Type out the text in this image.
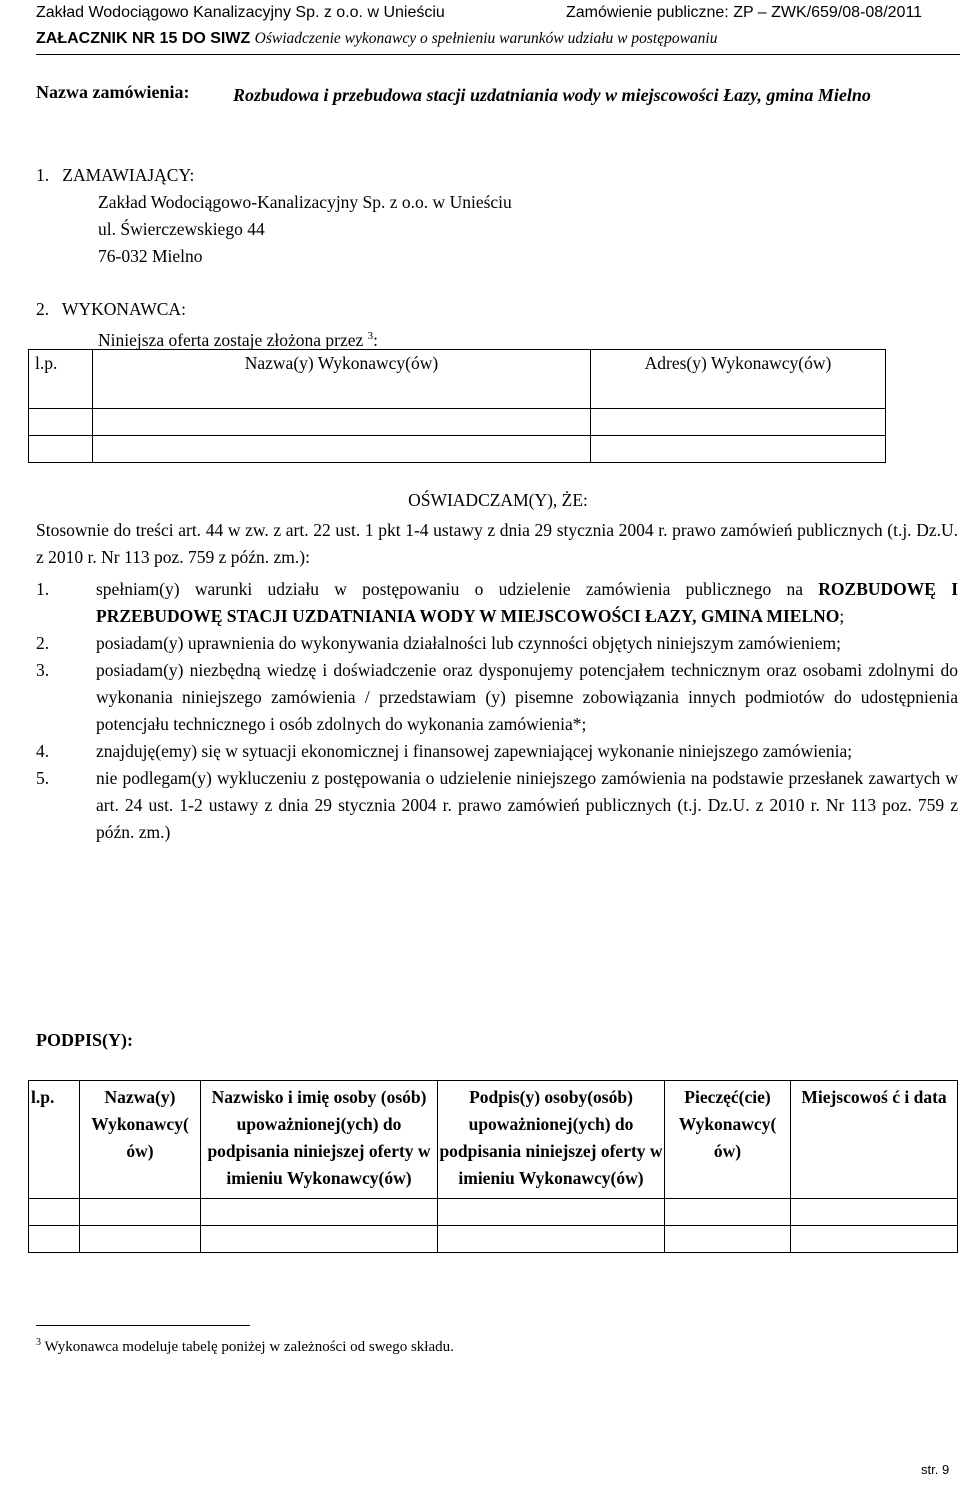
Zakład Wodociągowo Kanalizacyjny Sp. z o.o. w Unieściu	Zamówienie publiczne: ZP – ZWK/659/08-08/2011
ZAŁACZNIK NR 15 DO SIWZ Oświadczenie wykonawcy o spełnieniu warunków udziału w postępowaniu
Nazwa zamówienia: Rozbudowa i przebudowa stacji uzdatniania wody w miejscowości Łazy, gmina Mielno
1.   ZAMAWIAJĄCY:
Zakład Wodociągowo-Kanalizacyjny Sp. z o.o. w Unieściu
ul. Świerczewskiego 44
76-032 Mielno
2.   WYKONAWCA:
Niniejsza oferta zostaje złożona przez $^3$:
l.p.	Nazwa(y) Wykonawcy(ów)	Adres(y) Wykonawcy(ów)

OŚWIADCZAM(Y), ŻE:
Stosownie do treści art. 44 w zw. z art. 22 ust. 1 pkt 1-4 ustawy z dnia 29 stycznia 2004 r. prawo zamówień publicznych (t.j. Dz.U. z 2010 r. Nr 113 poz. 759 z późn. zm.):
1.	spełniam(y) warunki udziału w postępowaniu o udzielenie zamówienia publicznego na ROZBUDOWĘ I PRZEBUDOWĘ STACJI UZDATNIANIA WODY W MIEJSCOWOŚCI ŁAZY, GMINA MIELNO;
2.	posiadam(y) uprawnienia do wykonywania działalności lub czynności objętych niniejszym zamówieniem;
3.	posiadam(y) niezbędną wiedzę i doświadczenie oraz dysponujemy potencjałem technicznym oraz osobami zdolnymi do wykonania niniejszego zamówienia / przedstawiam (y) pisemne zobowiązania innych podmiotów do udostępnienia potencjału technicznego i osób zdolnych do wykonania zamówienia*;
4.	znajduję(emy) się w sytuacji ekonomicznej i finansowej zapewniającej wykonanie niniejszego zamówienia;
5.	nie podlegam(y) wykluczeniu z postępowania o udzielenie niniejszego zamówienia na podstawie przesłanek zawartych w art. 24 ust. 1-2 ustawy z dnia 29 stycznia 2004 r. prawo zamówień publicznych (t.j. Dz.U. z 2010 r. Nr 113 poz. 759 z późn. zm.)
PODPIS(Y):
l.p.	Nazwa(y) Wykonawcy( ów)	Nazwisko i imię osoby (osób) upoważnionej(ych) do podpisania niniejszej oferty w imieniu Wykonawcy(ów)	Podpis(y) osoby(osób) upoważnionej(ych) do podpisania niniejszej oferty w imieniu Wykonawcy(ów)	Pieczęć(cie) Wykonawcy( ów)	Miejscowoś ć i data

$^3$ Wykonawca modeluje tabelę poniżej w zależności od swego składu.
str. 9
